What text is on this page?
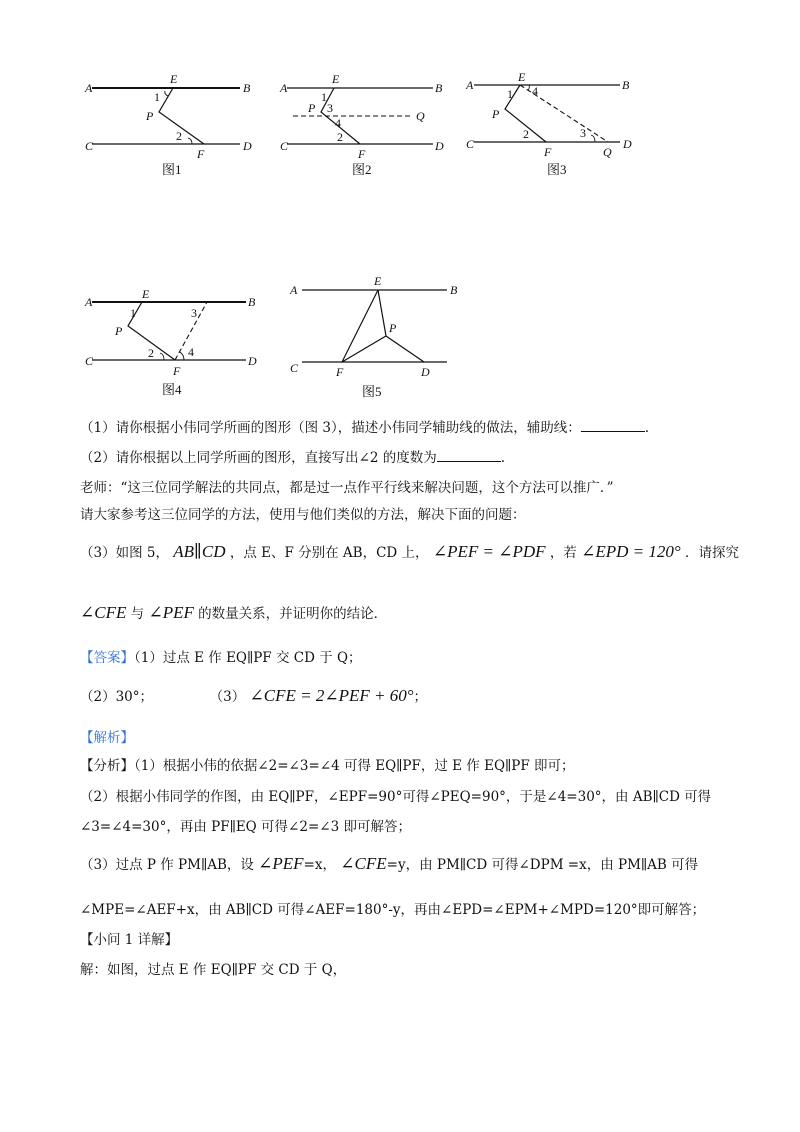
A	B
C	D
E
F
P
1
2
图1
A	B
C	D
E
F
P
Q
1
3
4
2
图2
A	B
C	D
E
F
P
Q
1 4
2	3
图3
A	B
C	D
E
F
P
1
2
3
4
图4
A	B
C	D
E
F
P
图5
（1）请你根据小伟同学所画的图形（图 3），描述小伟同学辅助线的做法，辅助线：	.
（2）请你根据以上同学所画的图形，直接写出∠2 的度数为	.
老师：“这三位同学解法的共同点，都是过一点作平行线来解决问题，这个方法可以推广．”
请大家参考这三位同学的方法，使用与他们类似的方法，解决下面的问题：
（3）如图 5， AB∥CD ，点 E、F 分别在 AB，CD 上， ∠PEF = ∠PDF ，若 ∠EPD = 120° ．请探究
∠CFE 与 ∠PEF 的数量关系，并证明你的结论．
【答案】（1）过点 E 作 EQ∥PF 交 CD 于 Q；
（2）30°；	（3） ∠CFE = 2∠PEF + 60°；
【解析】
【分析】（1）根据小伟的依据∠2=∠3=∠4 可得 EQ∥PF，过 E 作 EQ∥PF 即可；
（2）根据小伟同学的作图，由 EQ∥PF，∠EPF=90°可得∠PEQ=90°，于是∠4=30°，由 AB∥CD 可得
∠3=∠4=30°，再由 PF∥EQ 可得∠2=∠3 即可解答；
（3）过点 P 作 PM∥AB，设 ∠PEF=x， ∠CFE=y，由 PM∥CD 可得∠DPM =x，由 PM∥AB 可得
∠MPE=∠AEF+x，由 AB∥CD 可得∠AEF=180°-y，再由∠EPD=∠EPM+∠MPD=120°即可解答；
【小问 1 详解】
解：如图，过点 E 作 EQ∥PF 交 CD 于 Q，
